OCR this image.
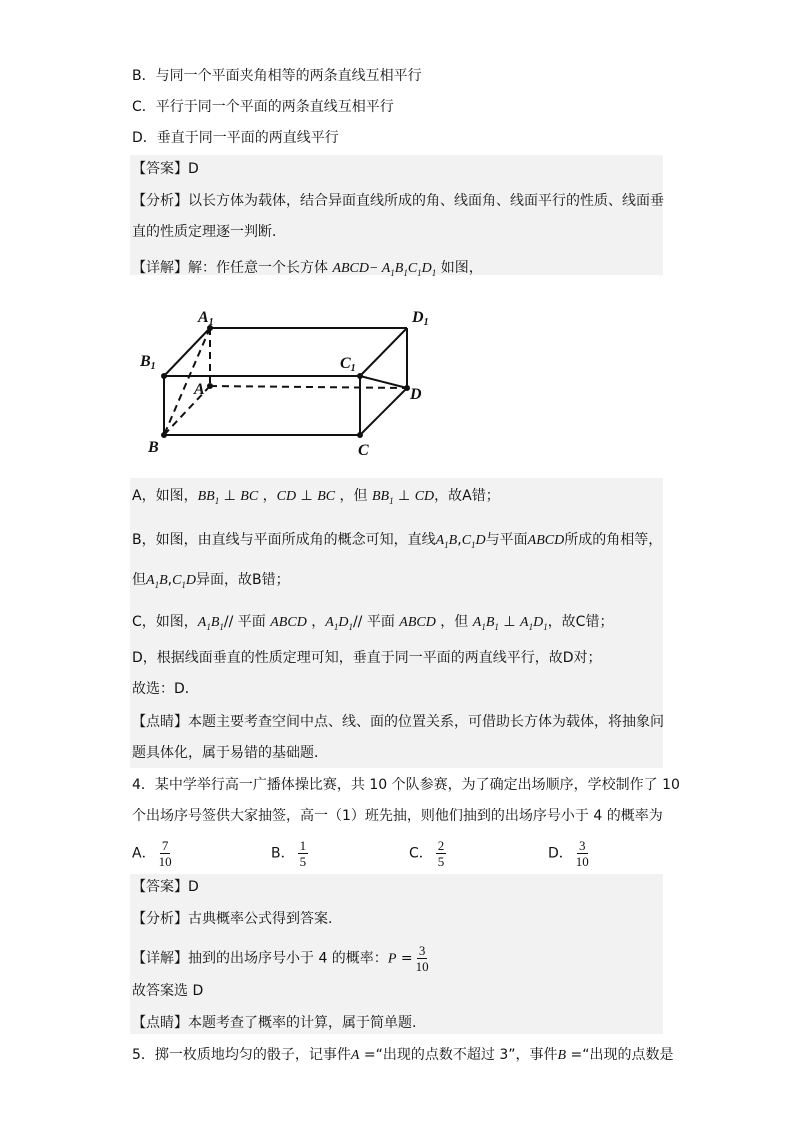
B．与同一个平面夹角相等的两条直线互相平行
C．平行于同一个平面的两条直线互相平行
D．垂直于同一平面的两直线平行
【答案】D
【分析】以长方体为载体，结合异面直线所成的角、线面角、线面平行的性质、线面垂
直的性质定理逐一判断．
【详解】解：作任意一个长方体 ABCD− $A_1B_1C_1D_1$ 如图，
A1	D1
B1	C1
A	D
B	C
A，如图，$BB_1$ ⊥ BC ，CD ⊥ BC ，但 $BB_1$ ⊥ CD，故A错；
B，如图，由直线与平面所成角的概念可知，直线$A_1B,C_1D$与平面ABCD所成的角相等，
但$A_1B,C_1D$异面，故B错；
C，如图，$A_1B_1//$ 平面 ABCD ，$A_1D_1//$ 平面 ABCD ，但 $A_1B_1$ ⊥ $A_1D_1$，故C错；
D，根据线面垂直的性质定理可知，垂直于同一平面的两直线平行，故D对；
故选：D．
【点睛】本题主要考查空间中点、线、面的位置关系，可借助长方体为载体，将抽象问
题具体化，属于易错的基础题．
4．某中学举行高一广播体操比赛，共 10 个队参赛，为了确定出场顺序，学校制作了 10
个出场序号签供大家抽签，高一（1）班先抽，则他们抽到的出场序号小于 4 的概率为
A． $\frac{7}{10}$	B． $\frac{1}{5}$	C． $\frac{2}{5}$	D． $\frac{3}{10}$
【答案】D
【分析】古典概率公式得到答案.
【详解】抽到的出场序号小于 4 的概率：$P = \frac{3}{10}$
故答案选 D
【点睛】本题考查了概率的计算，属于简单题.
5．掷一枚质地均匀的骰子，记事件A =“出现的点数不超过 3”，事件B =“出现的点数是
